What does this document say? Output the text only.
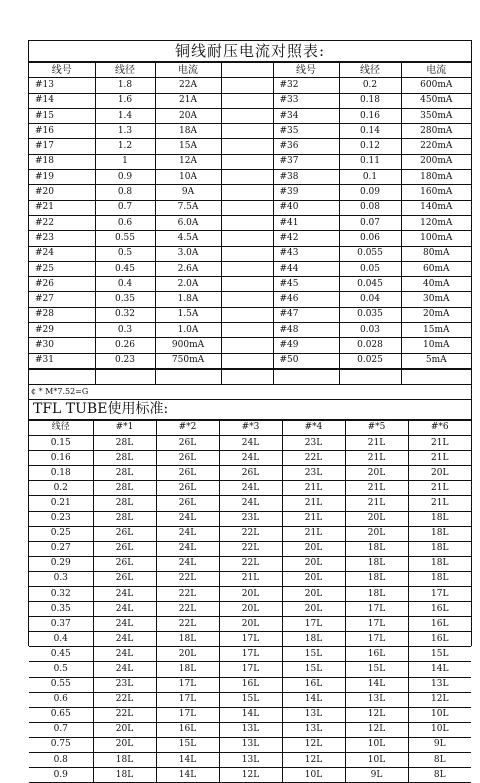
铜线耐压电流对照表:
线号	线径	电流		线号	线径	电流
#13	1.8	22A		#32	0.2	600mA
#14	1.6	21A		#33	0.18	450mA
#15	1.4	20A		#34	0.16	350mA
#16	1.3	18A		#35	0.14	280mA
#17	1.2	15A		#36	0.12	220mA
#18	1	12A		#37	0.11	200mA
#19	0.9	10A		#38	0.1	180mA
#20	0.8	9A		#39	0.09	160mA
#21	0.7	7.5A		#40	0.08	140mA
#22	0.6	6.0A		#41	0.07	120mA
#23	0.55	4.5A		#42	0.06	100mA
#24	0.5	3.0A		#43	0.055	80mA
#25	0.45	2.6A		#44	0.05	60mA
#26	0.4	2.0A		#45	0.045	40mA
#27	0.35	1.8A		#46	0.04	30mA
#28	0.32	1.5A		#47	0.035	20mA
#29	0.3	1.0A		#48	0.03	15mA
#30	0.26	900mA		#49	0.028	10mA
#31	0.23	750mA		#50	0.025	5mA

¢ * M*7.52=G
TFL TUBE使用标准:
线径	#*1	#*2	#*3	#*4	#*5	#*6
0.15	28L	26L	24L	23L	21L	21L
0.16	28L	26L	24L	22L	21L	21L
0.18	28L	26L	26L	23L	20L	20L
0.2	28L	26L	24L	21L	21L	21L
0.21	28L	26L	24L	21L	21L	21L
0.23	28L	24L	23L	21L	20L	18L
0.25	26L	24L	22L	21L	20L	18L
0.27	26L	24L	22L	20L	18L	18L
0.29	26L	24L	22L	20L	18L	18L
0.3	26L	22L	21L	20L	18L	18L
0.32	24L	22L	20L	20L	18L	17L
0.35	24L	22L	20L	20L	17L	16L
0.37	24L	22L	20L	17L	17L	16L
0.4	24L	18L	17L	18L	17L	16L
0.45	24L	20L	17L	15L	16L	15L
0.5	24L	18L	17L	15L	15L	14L
0.55	23L	17L	16L	16L	14L	13L
0.6	22L	17L	15L	14L	13L	12L
0.65	22L	17L	14L	13L	12L	10L
0.7	20L	16L	13L	13L	12L	10L
0.75	20L	15L	13L	12L	10L	9L
0.8	18L	14L	13L	12L	10L	8L
0.9	18L	14L	12L	10L	9L	8L
